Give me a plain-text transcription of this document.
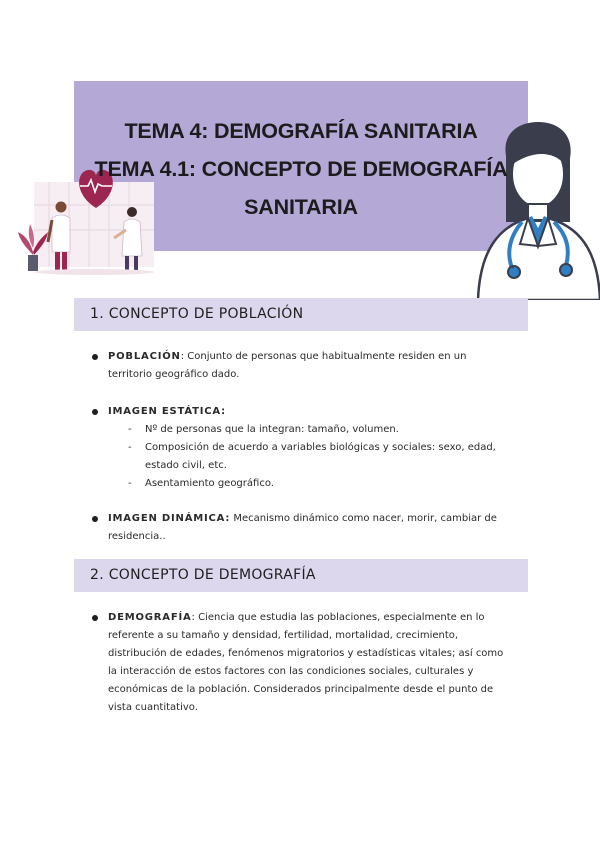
TEMA 4: DEMOGRAFÍA SANITARIA
TEMA 4.1: CONCEPTO DE DEMOGRAFÍA
SANITARIA
1. CONCEPTO DE POBLACIÓN
POBLACIÓN: Conjunto de personas que habitualmente residen en un territorio geográfico dado.
IMAGEN ESTÁTICA:
- Nº de personas que la integran: tamaño, volumen.
- Composición de acuerdo a variables biológicas y sociales: sexo, edad, estado civil, etc.
- Asentamiento geográfico.
IMAGEN DINÁMICA: Mecanismo dinámico como nacer, morir, cambiar de residencia..
2. CONCEPTO DE DEMOGRAFÍA
DEMOGRAFÍA: Ciencia que estudia las poblaciones, especialmente en lo referente a su tamaño y densidad, fertilidad, mortalidad, crecimiento, distribución de edades, fenómenos migratorios y estadísticas vitales; así como la interacción de estos factores con las condiciones sociales, culturales y económicas de la población. Considerados principalmente desde el punto de vista cuantitativo.
